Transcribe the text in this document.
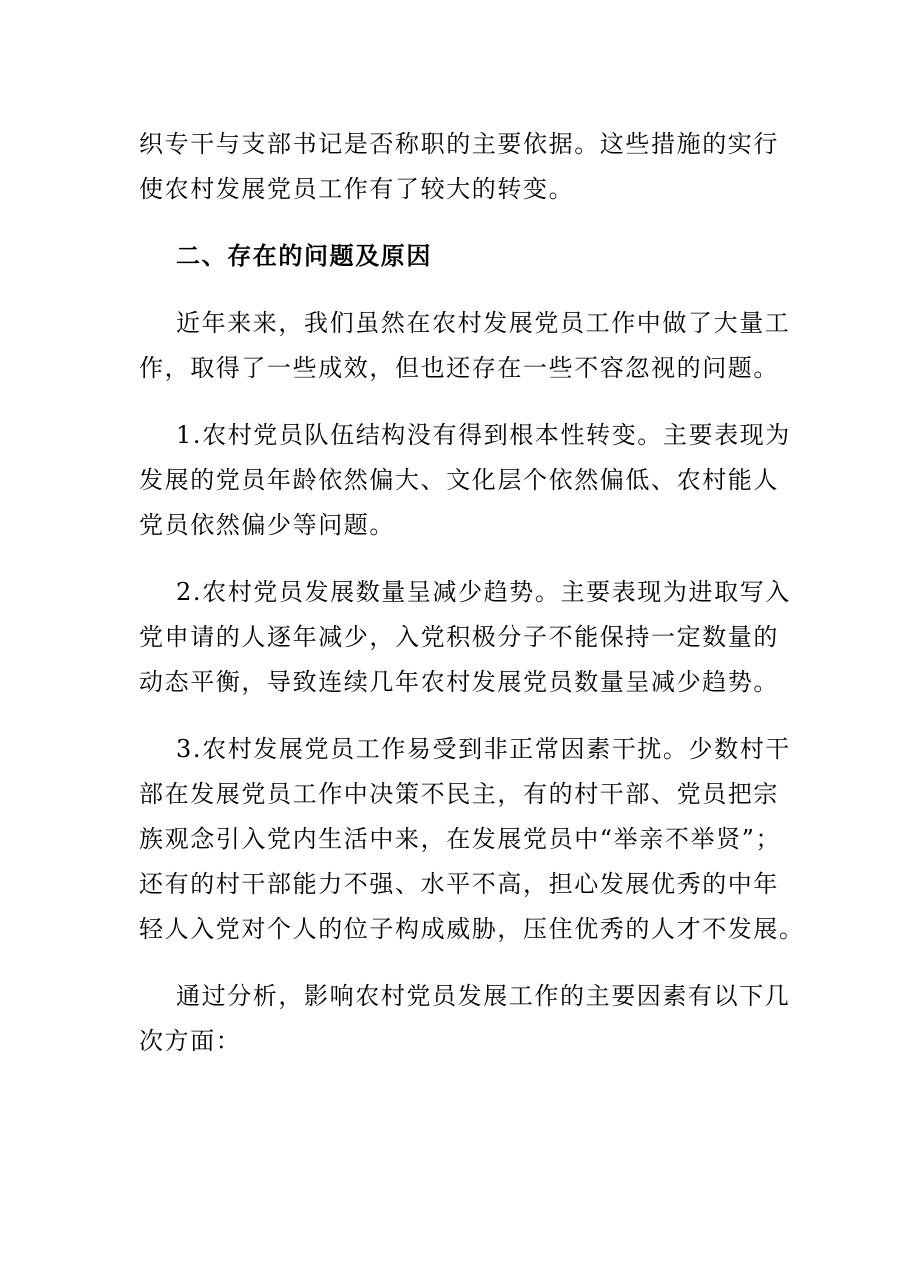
织专干与支部书记是否称职的主要依据。这些措施的实行
使农村发展党员工作有了较大的转变。

二、存在的问题及原因

近年来来，我们虽然在农村发展党员工作中做了大量工
作，取得了一些成效，但也还存在一些不容忽视的问题。

1.农村党员队伍结构没有得到根本性转变。主要表现为
发展的党员年龄依然偏大、文化层个依然偏低、农村能人
党员依然偏少等问题。

2.农村党员发展数量呈减少趋势。主要表现为进取写入
党申请的人逐年减少，入党积极分子不能保持一定数量的
动态平衡，导致连续几年农村发展党员数量呈减少趋势。

3.农村发展党员工作易受到非正常因素干扰。少数村干
部在发展党员工作中决策不民主，有的村干部、党员把宗
族观念引入党内生活中来，在发展党员中“举亲不举贤”；
还有的村干部能力不强、水平不高，担心发展优秀的中年
轻人入党对个人的位子构成威胁，压住优秀的人才不发展。

通过分析，影响农村党员发展工作的主要因素有以下几
次方面：
